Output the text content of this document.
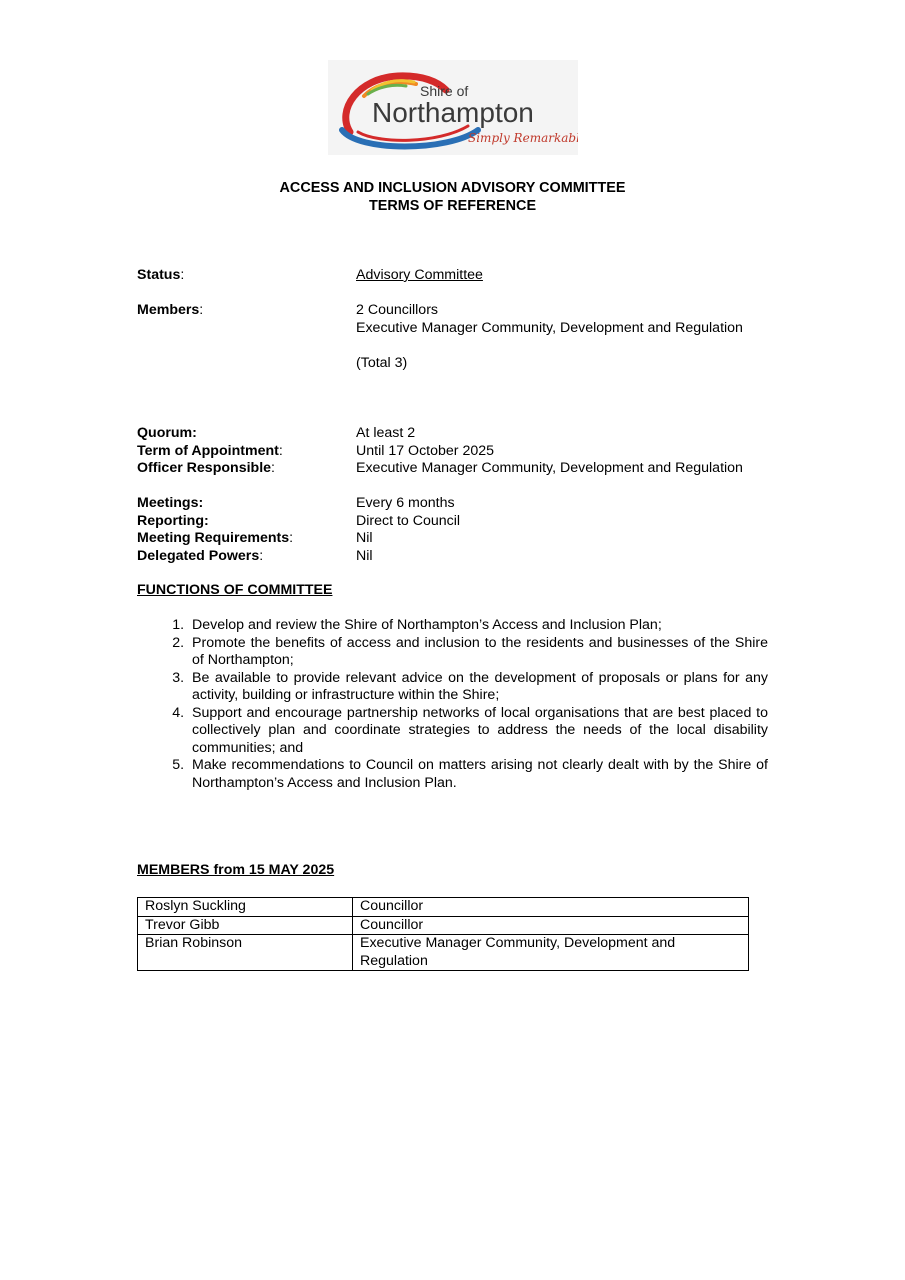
Shire of
Northampton
Simply Remarkable
ACCESS AND INCLUSION ADVISORY COMMITTEE
TERMS OF REFERENCE
Status:	Advisory Committee
Members:	2 Councillors
Executive Manager Community, Development and Regulation
(Total 3)
Quorum:	At least 2
Term of Appointment:	Until 17 October 2025
Officer Responsible:	Executive Manager Community, Development and Regulation
Meetings:	Every 6 months
Reporting:	Direct to Council
Meeting Requirements:	Nil
Delegated Powers:	Nil
FUNCTIONS OF COMMITTEE
1. Develop and review the Shire of Northampton’s Access and Inclusion Plan;
2. Promote the benefits of access and inclusion to the residents and businesses of the Shire of Northampton;
3. Be available to provide relevant advice on the development of proposals or plans for any activity, building or infrastructure within the Shire;
4. Support and encourage partnership networks of local organisations that are best placed to collectively plan and coordinate strategies to address the needs of the local disability communities; and
5. Make recommendations to Council on matters arising not clearly dealt with by the Shire of Northampton’s Access and Inclusion Plan.
MEMBERS from 15 MAY 2025
Roslyn Suckling	Councillor
Trevor Gibb	Councillor
Brian Robinson	Executive Manager Community, Development and Regulation
